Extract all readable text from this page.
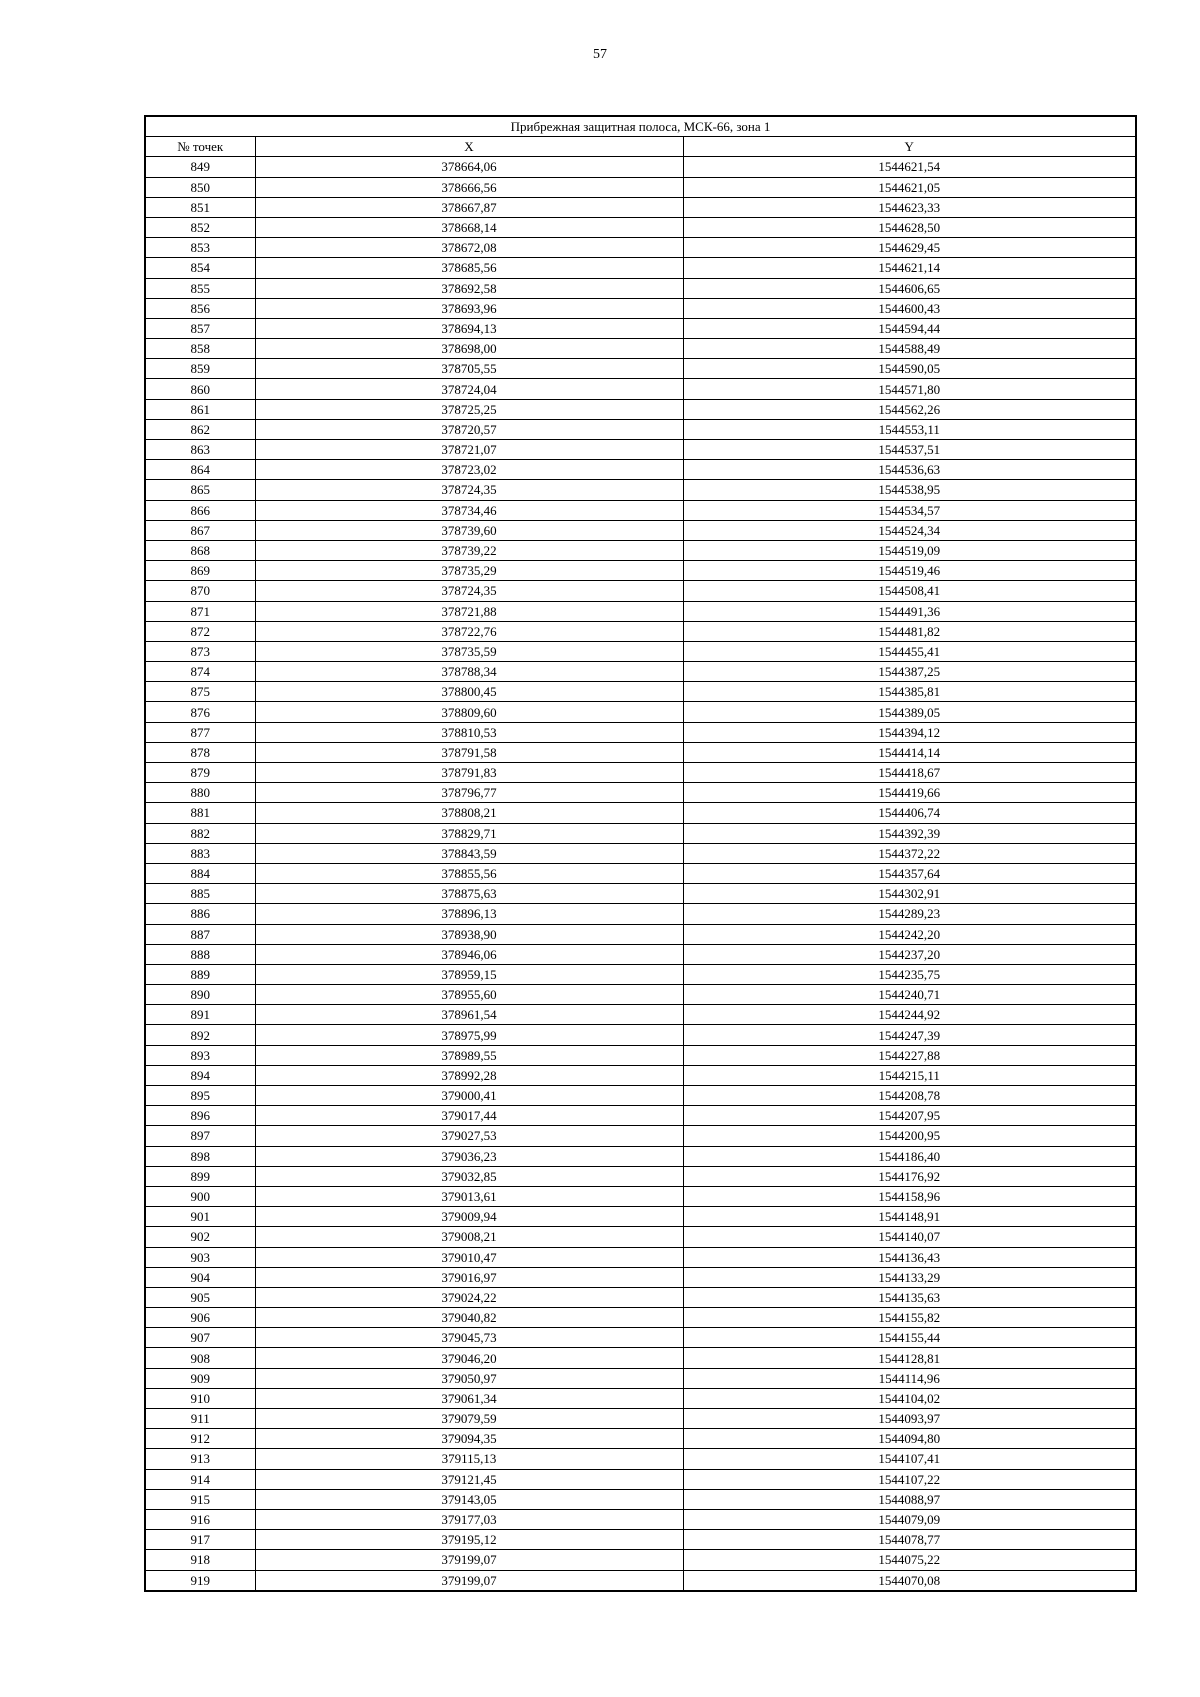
57
Прибрежная защитная полоса, МСК-66, зона 1		
№ точек	X	Y
849	378664,06	1544621,54
850	378666,56	1544621,05
851	378667,87	1544623,33
852	378668,14	1544628,50
853	378672,08	1544629,45
854	378685,56	1544621,14
855	378692,58	1544606,65
856	378693,96	1544600,43
857	378694,13	1544594,44
858	378698,00	1544588,49
859	378705,55	1544590,05
860	378724,04	1544571,80
861	378725,25	1544562,26
862	378720,57	1544553,11
863	378721,07	1544537,51
864	378723,02	1544536,63
865	378724,35	1544538,95
866	378734,46	1544534,57
867	378739,60	1544524,34
868	378739,22	1544519,09
869	378735,29	1544519,46
870	378724,35	1544508,41
871	378721,88	1544491,36
872	378722,76	1544481,82
873	378735,59	1544455,41
874	378788,34	1544387,25
875	378800,45	1544385,81
876	378809,60	1544389,05
877	378810,53	1544394,12
878	378791,58	1544414,14
879	378791,83	1544418,67
880	378796,77	1544419,66
881	378808,21	1544406,74
882	378829,71	1544392,39
883	378843,59	1544372,22
884	378855,56	1544357,64
885	378875,63	1544302,91
886	378896,13	1544289,23
887	378938,90	1544242,20
888	378946,06	1544237,20
889	378959,15	1544235,75
890	378955,60	1544240,71
891	378961,54	1544244,92
892	378975,99	1544247,39
893	378989,55	1544227,88
894	378992,28	1544215,11
895	379000,41	1544208,78
896	379017,44	1544207,95
897	379027,53	1544200,95
898	379036,23	1544186,40
899	379032,85	1544176,92
900	379013,61	1544158,96
901	379009,94	1544148,91
902	379008,21	1544140,07
903	379010,47	1544136,43
904	379016,97	1544133,29
905	379024,22	1544135,63
906	379040,82	1544155,82
907	379045,73	1544155,44
908	379046,20	1544128,81
909	379050,97	1544114,96
910	379061,34	1544104,02
911	379079,59	1544093,97
912	379094,35	1544094,80
913	379115,13	1544107,41
914	379121,45	1544107,22
915	379143,05	1544088,97
916	379177,03	1544079,09
917	379195,12	1544078,77
918	379199,07	1544075,22
919	379199,07	1544070,08
